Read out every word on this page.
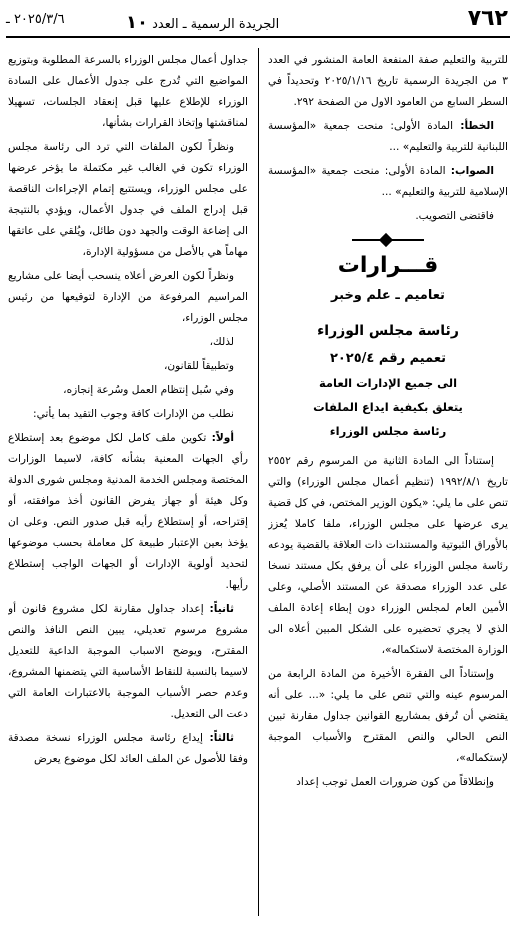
٧٦٢
الجريدة الرسمية ـ العدد ١٠
٢٠٢٥/٣/٦ ـ

للتربية والتعليم صفة المنفعة العامة المنشور في العدد ٣ من الجريدة الرسمية تاريخ ٢٠٢٥/١/١٦ وتحديداً في السطر السابع من العامود الاول من الصفحة ٢٩٢.

الخطأ: المادة الأولى: منحت جمعية «المؤسسة اللبنانية للتربية والتعليم» ...

الصواب: المادة الأولى: منحت جمعية «المؤسسة الإسلامية للتربية والتعليم» ...

فاقتضى التصويب.

قـــرارات
تعاميم ـ علم وخبر
رئاسة مجلس الوزراء
تعميم رقم ٢٠٢٥/٤
الى جميع الإدارات العامة
يتعلق بكيفية ايداع الملفات
رئاسة مجلس الوزراء

إستناداً الى المادة الثانية من المرسوم رقم ٢٥٥٢ تاريخ ١٩٩٢/٨/١ (تنظيم أعمال مجلس الوزراء) والتي تنص على ما يلي: «يكون الوزير المختص، في كل قضية يرى عرضها على مجلس الوزراء، ملفا كاملا يُعزز بالأوراق الثبوتية والمستندات ذات العلاقة بالقضية يودعه رئاسة مجلس الوزراء على أن يرفق بكل مستند نسخا على عدد الوزراء مصدقة عن المستند الأصلي، وعلى الأمين العام لمجلس الوزراء دون إبطاء إعادة الملف الذي لا يجري تحضيره على الشكل المبين أعلاه الى الوزارة المختصة لاستكماله»،

وإستناداً الى الفقرة الأخيرة من المادة الرابعة من المرسوم عينه والتي تنص على ما يلي: «... على أنه يقتضي أن تُرفق بمشاريع القوانين جداول مقارنة تبين النص الحالي والنص المقترح والأسباب الموجبة لإستكماله»،

وإنطلاقاً من كون ضرورات العمل توجب إعداد

جداول أعمال مجلس الوزراء بالسرعة المطلوبة وبتوزيع المواضيع التي تُدرج على جدول الأعمال على السادة الوزراء للإطلاع عليها قبل إنعقاد الجلسات، تسهيلا لمناقشتها وإتخاذ القرارات بشأنها،

ونظراً لكون الملفات التي ترد الى رئاسة مجلس الوزراء تكون في الغالب غير مكتملة ما يؤخر عرضها على مجلس الوزراء، ويستتبع إتمام الإجراءات الناقصة قبل إدراج الملف في جدول الأعمال، ويؤدي بالنتيجة الى إضاعة الوقت والجهد دون طائل، ويُلقي على عاتقها مهاماً هي بالأصل من مسؤولية الإدارة،

ونظراً لكون العرض أعلاه ينسحب أيضا على مشاريع المراسيم المرفوعة من الإدارة لتوقيعها من رئيس مجلس الوزراء،

لذلك،

وتطبيقاً للقانون،

وفي سُبل إنتظام العمل وسُرعة إنجازه،

نطلب من الإدارات كافة وجوب التقيد بما يأتي:

أولاً: تكوين ملف كامل لكل موضوع بعد إستطلاع رأي الجهات المعنية بشأنه كافة، لاسيما الوزارات المختصة ومجلس الخدمة المدنية ومجلس شورى الدولة وكل هيئة أو جهاز يفرض القانون أخذ موافقته، أو إقتراحه، أو إستطلاع رأيه قبل صدور النص. وعلى ان يؤخذ بعين الإعتبار طبيعة كل معاملة بحسب موضوعها لتحديد أولوية الإدارات أو الجهات الواجب إستطلاع رأيها.

ثانياً: إعداد جداول مقارنة لكل مشروع قانون أو مشروع مرسوم تعديلي، يبين النص النافذ والنص المقترح، ويوضح الاسباب الموجبة الداعية للتعديل لاسيما بالنسبة للنقاط الأساسية التي يتضمنها المشروع، وعدم حصر الأسباب الموجبة بالاعتبارات العامة التي دعت الى التعديل.

ثالثاً: إيداع رئاسة مجلس الوزراء نسخة مصدقة وفقا للأصول عن الملف العائد لكل موضوع يعرض
